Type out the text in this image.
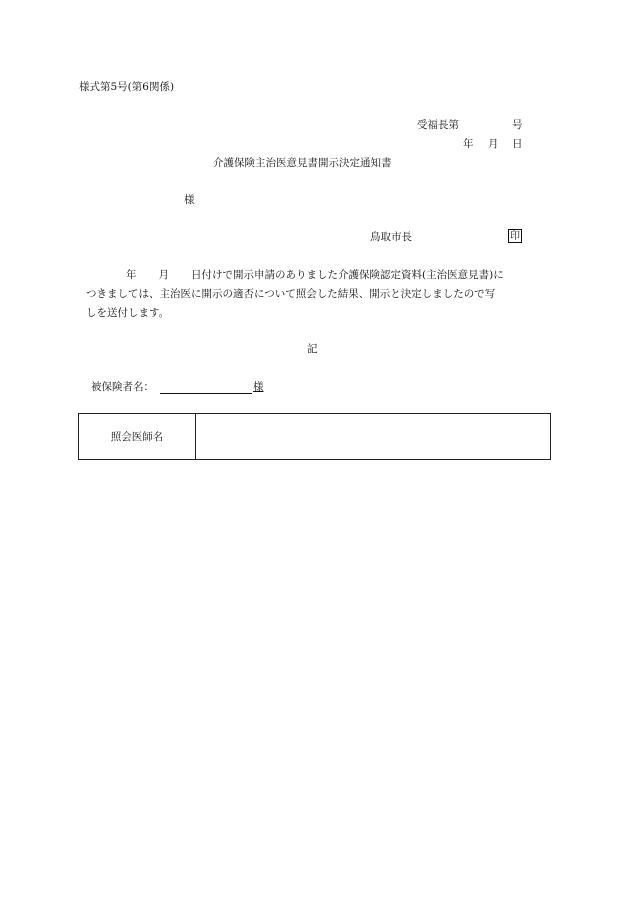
様式第5号(第6関係)
受福長第	号
年 月 日
介護保険主治医意見書開示決定通知書
様
鳥取市長	印
年 月 日付けで開示申請のありました介護保険認定資料(主治医意見書)に
つきましては、主治医に開示の適否について照会した結果、開示と決定しましたので写
しを送付します。
記
被保険者名：	様
照会医師名	
